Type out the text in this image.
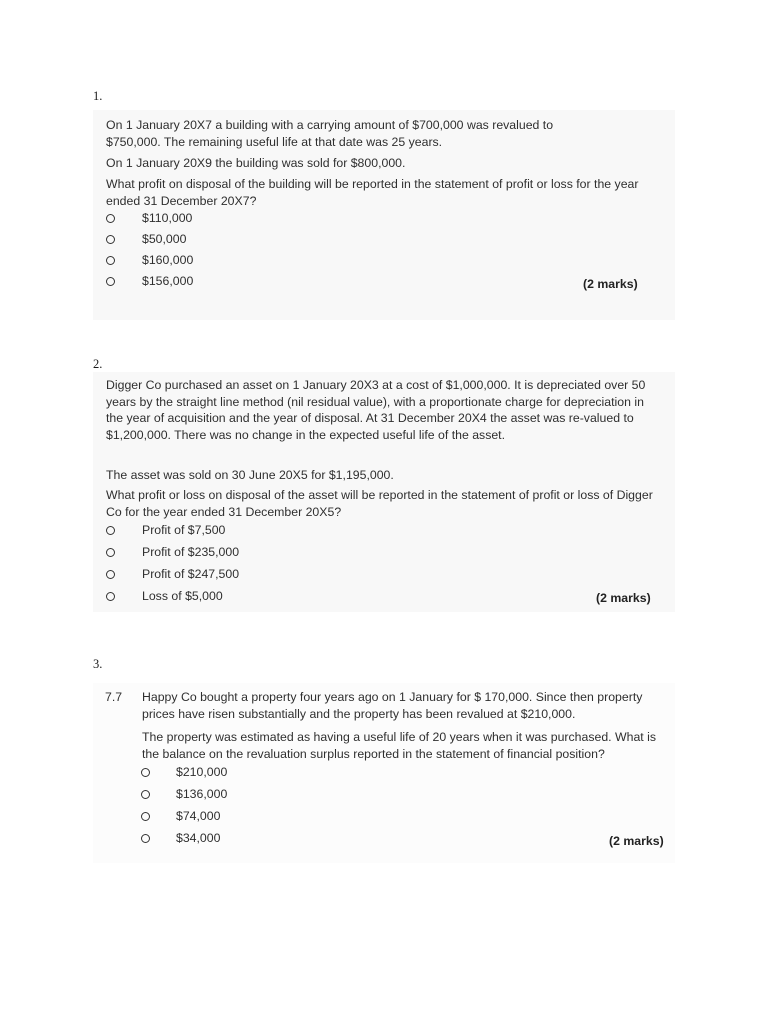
1.

On 1 January 20X7 a building with a carrying amount of $700,000 was revalued to $750,000. The remaining useful life at that date was 25 years.

On 1 January 20X9 the building was sold for $800,000.

What profit on disposal of the building will be reported in the statement of profit or loss for the year ended 31 December 20X7?

$110,000
$50,000
$160,000
$156,000	(2 marks)
2.

Digger Co purchased an asset on 1 January 20X3 at a cost of $1,000,000. It is depreciated over 50 years by the straight line method (nil residual value), with a proportionate charge for depreciation in the year of acquisition and the year of disposal. At 31 December 20X4 the asset was re-valued to $1,200,000. There was no change in the expected useful life of the asset.

The asset was sold on 30 June 20X5 for $1,195,000.

What profit or loss on disposal of the asset will be reported in the statement of profit or loss of Digger Co for the year ended 31 December 20X5?

Profit of $7,500
Profit of $235,000
Profit of $247,500
Loss of $5,000	(2 marks)
3.
7.7 Happy Co bought a property four years ago on 1 January for $ 170,000. Since then property prices have risen substantially and the property has been revalued at $210,000.

The property was estimated as having a useful life of 20 years when it was purchased. What is the balance on the revaluation surplus reported in the statement of financial position?

$210,000
$136,000
$74,000
$34,000	(2 marks)
